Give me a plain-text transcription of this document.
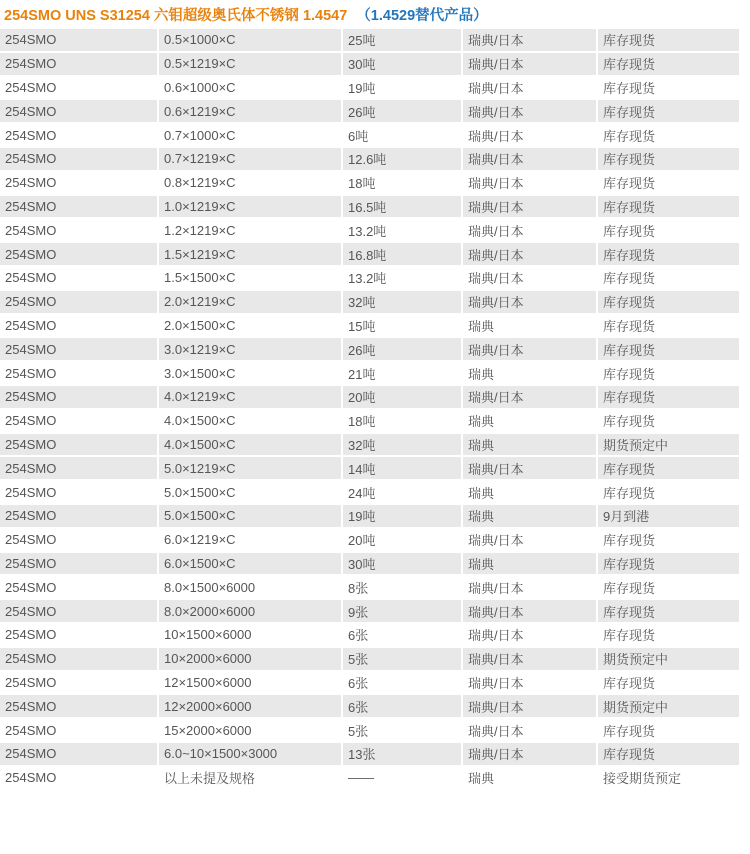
254SMO UNS S31254 六钼超级奥氏体不锈钢 1.4547 （1.4529替代产品）
254SMO	0.5×1000×C	25吨	瑞典/日本	库存现货
254SMO	0.5×1219×C	30吨	瑞典/日本	库存现货
254SMO	0.6×1000×C	19吨	瑞典/日本	库存现货
254SMO	0.6×1219×C	26吨	瑞典/日本	库存现货
254SMO	0.7×1000×C	6吨	瑞典/日本	库存现货
254SMO	0.7×1219×C	12.6吨	瑞典/日本	库存现货
254SMO	0.8×1219×C	18吨	瑞典/日本	库存现货
254SMO	1.0×1219×C	16.5吨	瑞典/日本	库存现货
254SMO	1.2×1219×C	13.2吨	瑞典/日本	库存现货
254SMO	1.5×1219×C	16.8吨	瑞典/日本	库存现货
254SMO	1.5×1500×C	13.2吨	瑞典/日本	库存现货
254SMO	2.0×1219×C	32吨	瑞典/日本	库存现货
254SMO	2.0×1500×C	15吨	瑞典	库存现货
254SMO	3.0×1219×C	26吨	瑞典/日本	库存现货
254SMO	3.0×1500×C	21吨	瑞典	库存现货
254SMO	4.0×1219×C	20吨	瑞典/日本	库存现货
254SMO	4.0×1500×C	18吨	瑞典	库存现货
254SMO	4.0×1500×C	32吨	瑞典	期货预定中
254SMO	5.0×1219×C	14吨	瑞典/日本	库存现货
254SMO	5.0×1500×C	24吨	瑞典	库存现货
254SMO	5.0×1500×C	19吨	瑞典	9月到港
254SMO	6.0×1219×C	20吨	瑞典/日本	库存现货
254SMO	6.0×1500×C	30吨	瑞典	库存现货
254SMO	8.0×1500×6000	8张	瑞典/日本	库存现货
254SMO	8.0×2000×6000	9张	瑞典/日本	库存现货
254SMO	10×1500×6000	6张	瑞典/日本	库存现货
254SMO	10×2000×6000	5张	瑞典/日本	期货预定中
254SMO	12×1500×6000	6张	瑞典/日本	库存现货
254SMO	12×2000×6000	6张	瑞典/日本	期货预定中
254SMO	15×2000×6000	5张	瑞典/日本	库存现货
254SMO	6.0~10×1500×3000	13张	瑞典/日本	库存现货
254SMO	以上未提及规格	——	瑞典	接受期货预定
